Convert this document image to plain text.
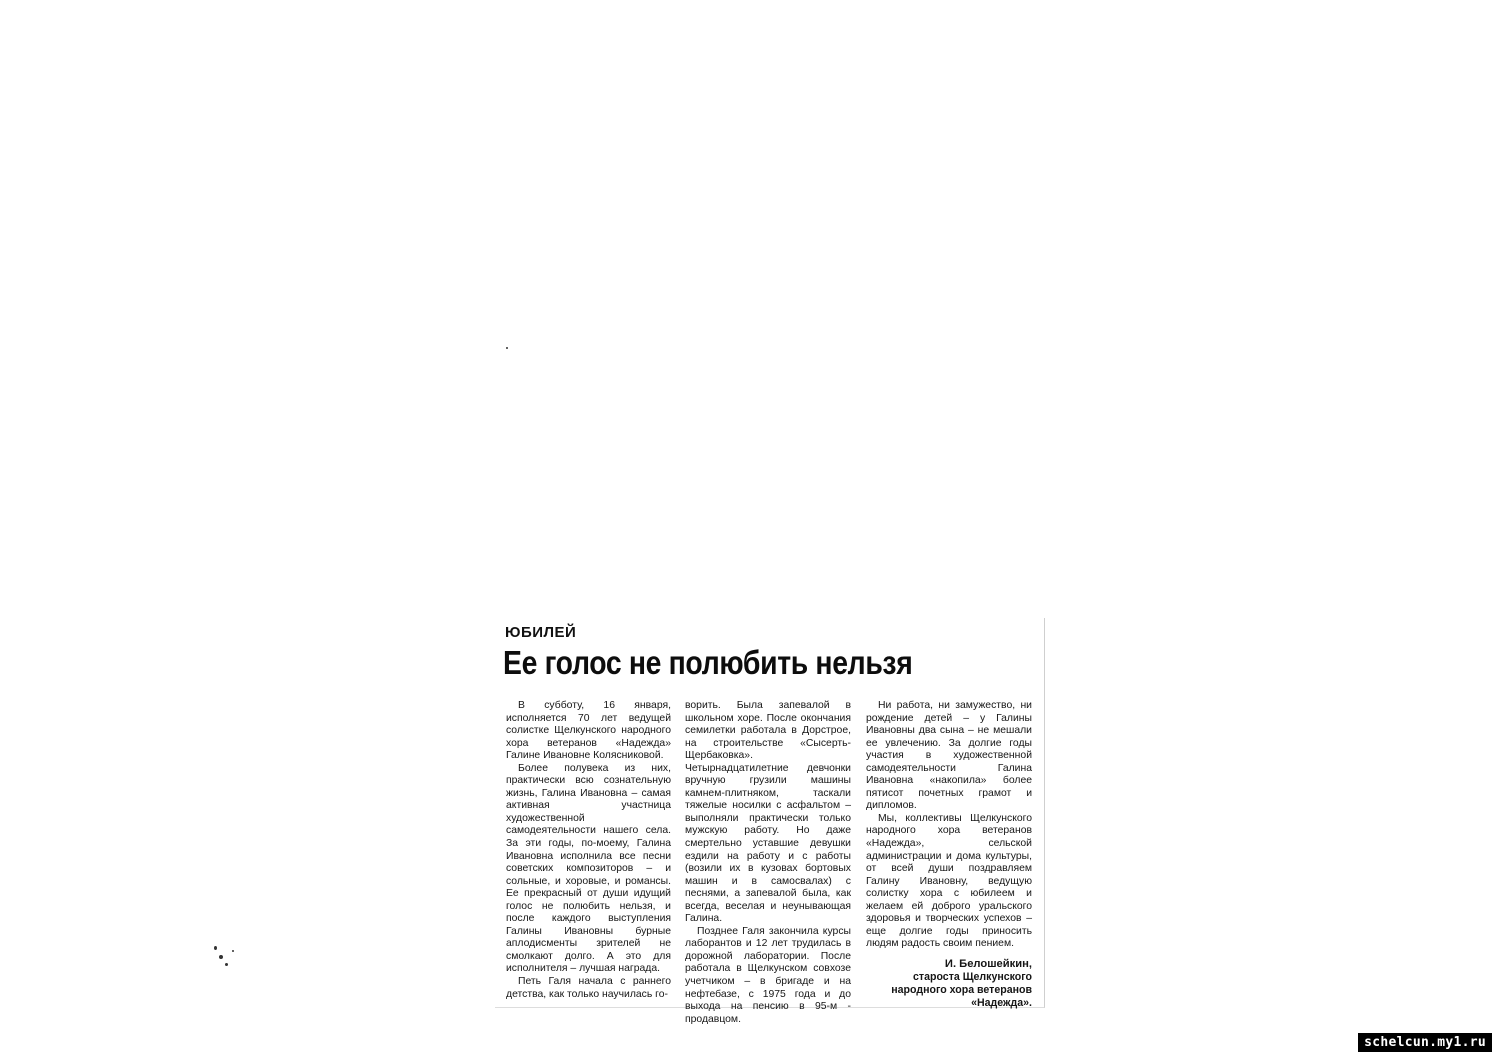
ЮБИЛЕЙ
Ее голос не полюбить нельзя

В субботу, 16 января, исполняется 70 лет ведущей солистке Щелкунского народного хора ветеранов «Надежда» Галине Ивановне Колясниковой.

Более полувека из них, практически всю сознательную жизнь, Галина Ивановна – самая активная участница художественной самодеятельности нашего села. За эти годы, по-моему, Галина Ивановна исполнила все песни советских композиторов – и сольные, и хоровые, и романсы. Ее прекрасный от души идущий голос не полюбить нельзя, и после каждого выступления Галины Ивановны бурные аплодисменты зрителей не смолкают долго. А это для исполнителя – лучшая награда.

Петь Галя начала с раннего детства, как только научилась го-

ворить. Была запевалой в школьном хоре. После окончания семилетки работала в Дорстрое, на строительстве «Сысерть-Щербаковка». Четырнадцатилетние девчонки вручную грузили машины камнем-плитняком, таскали тяжелые носилки с асфальтом – выполняли практически только мужскую работу. Но даже смертельно уставшие девушки ездили на работу и с работы (возили их в кузовах бортовых машин и в самосвалах) с песнями, а запевалой была, как всегда, веселая и неунывающая Галина.

Позднее Галя закончила курсы лаборантов и 12 лет трудилась в дорожной лаборатории. После работала в Щелкунском совхозе учетчиком – в бригаде и на нефтебазе, с 1975 года и до выхода на пенсию в 95-м - продавцом.

Ни работа, ни замужество, ни рождение детей – у Галины Ивановны два сына – не мешали ее увлечению. За долгие годы участия в художественной самодеятельности Галина Ивановна «накопила» более пятисот почетных грамот и дипломов.

Мы, коллективы Щелкунского народного хора ветеранов «Надежда», сельской администрации и дома культуры, от всей души поздравляем Галину Ивановну, ведущую солистку хора с юбилеем и желаем ей доброго уральского здоровья и творческих успехов – еще долгие годы приносить людям радость своим пением.

И. Белошейкин,
староста Щелкунского
народного хора ветеранов
«Надежда».
schelcun.my1.ru
